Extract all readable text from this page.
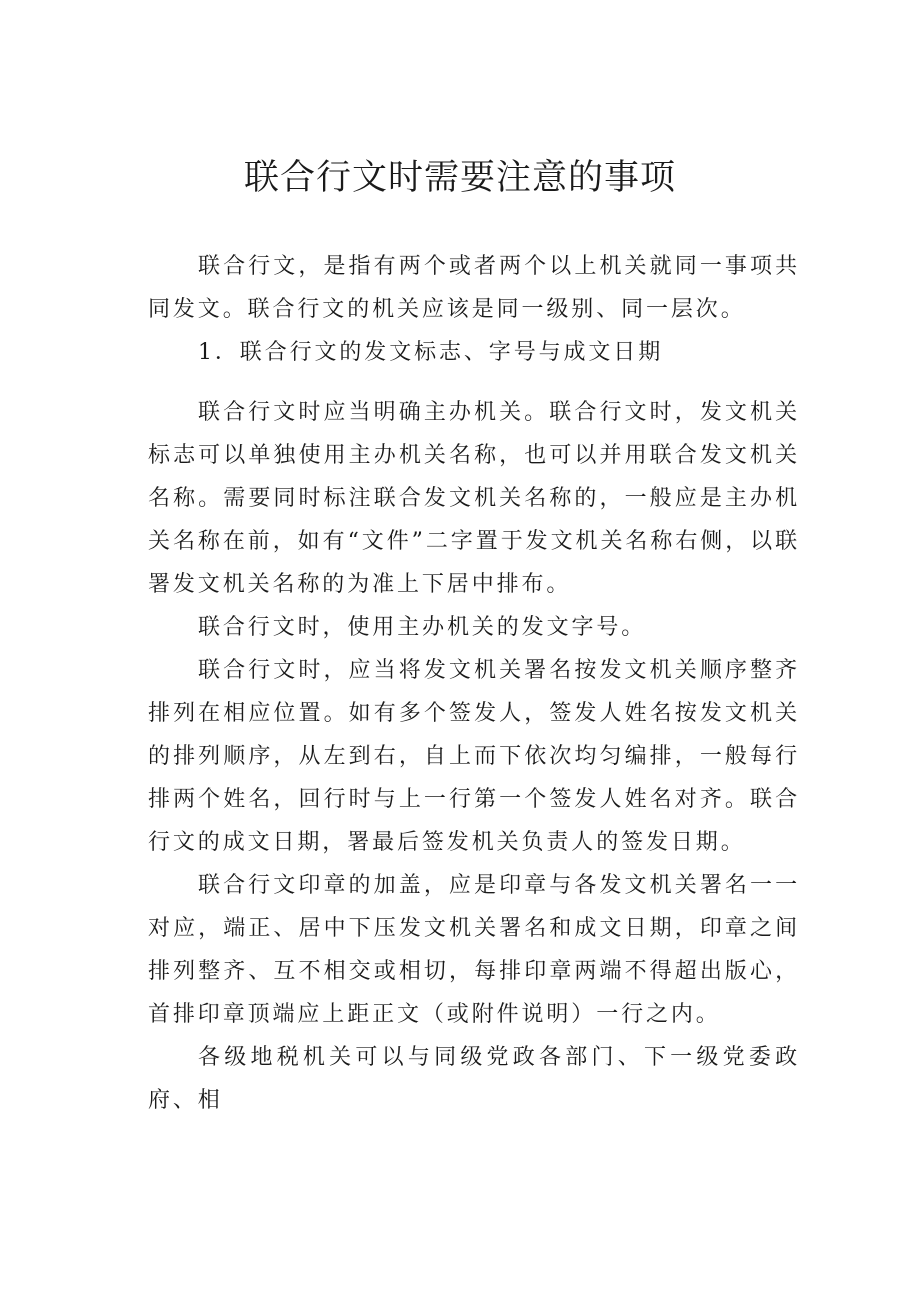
联合行文时需要注意的事项

联合行文，是指有两个或者两个以上机关就同一事项共同发文。联合行文的机关应该是同一级别、同一层次。

1．联合行文的发文标志、字号与成文日期

联合行文时应当明确主办机关。联合行文时，发文机关标志可以单独使用主办机关名称，也可以并用联合发文机关名称。需要同时标注联合发文机关名称的，一般应是主办机关名称在前，如有“文件”二字置于发文机关名称右侧，以联署发文机关名称的为准上下居中排布。

联合行文时，使用主办机关的发文字号。

联合行文时，应当将发文机关署名按发文机关顺序整齐排列在相应位置。如有多个签发人，签发人姓名按发文机关的排列顺序，从左到右，自上而下依次均匀编排，一般每行排两个姓名，回行时与上一行第一个签发人姓名对齐。联合行文的成文日期，署最后签发机关负责人的签发日期。

联合行文印章的加盖，应是印章与各发文机关署名一一对应，端正、居中下压发文机关署名和成文日期，印章之间排列整齐、互不相交或相切，每排印章两端不得超出版心，首排印章顶端应上距正文（或附件说明）一行之内。

各级地税机关可以与同级党政各部门、下一级党委政府、相
